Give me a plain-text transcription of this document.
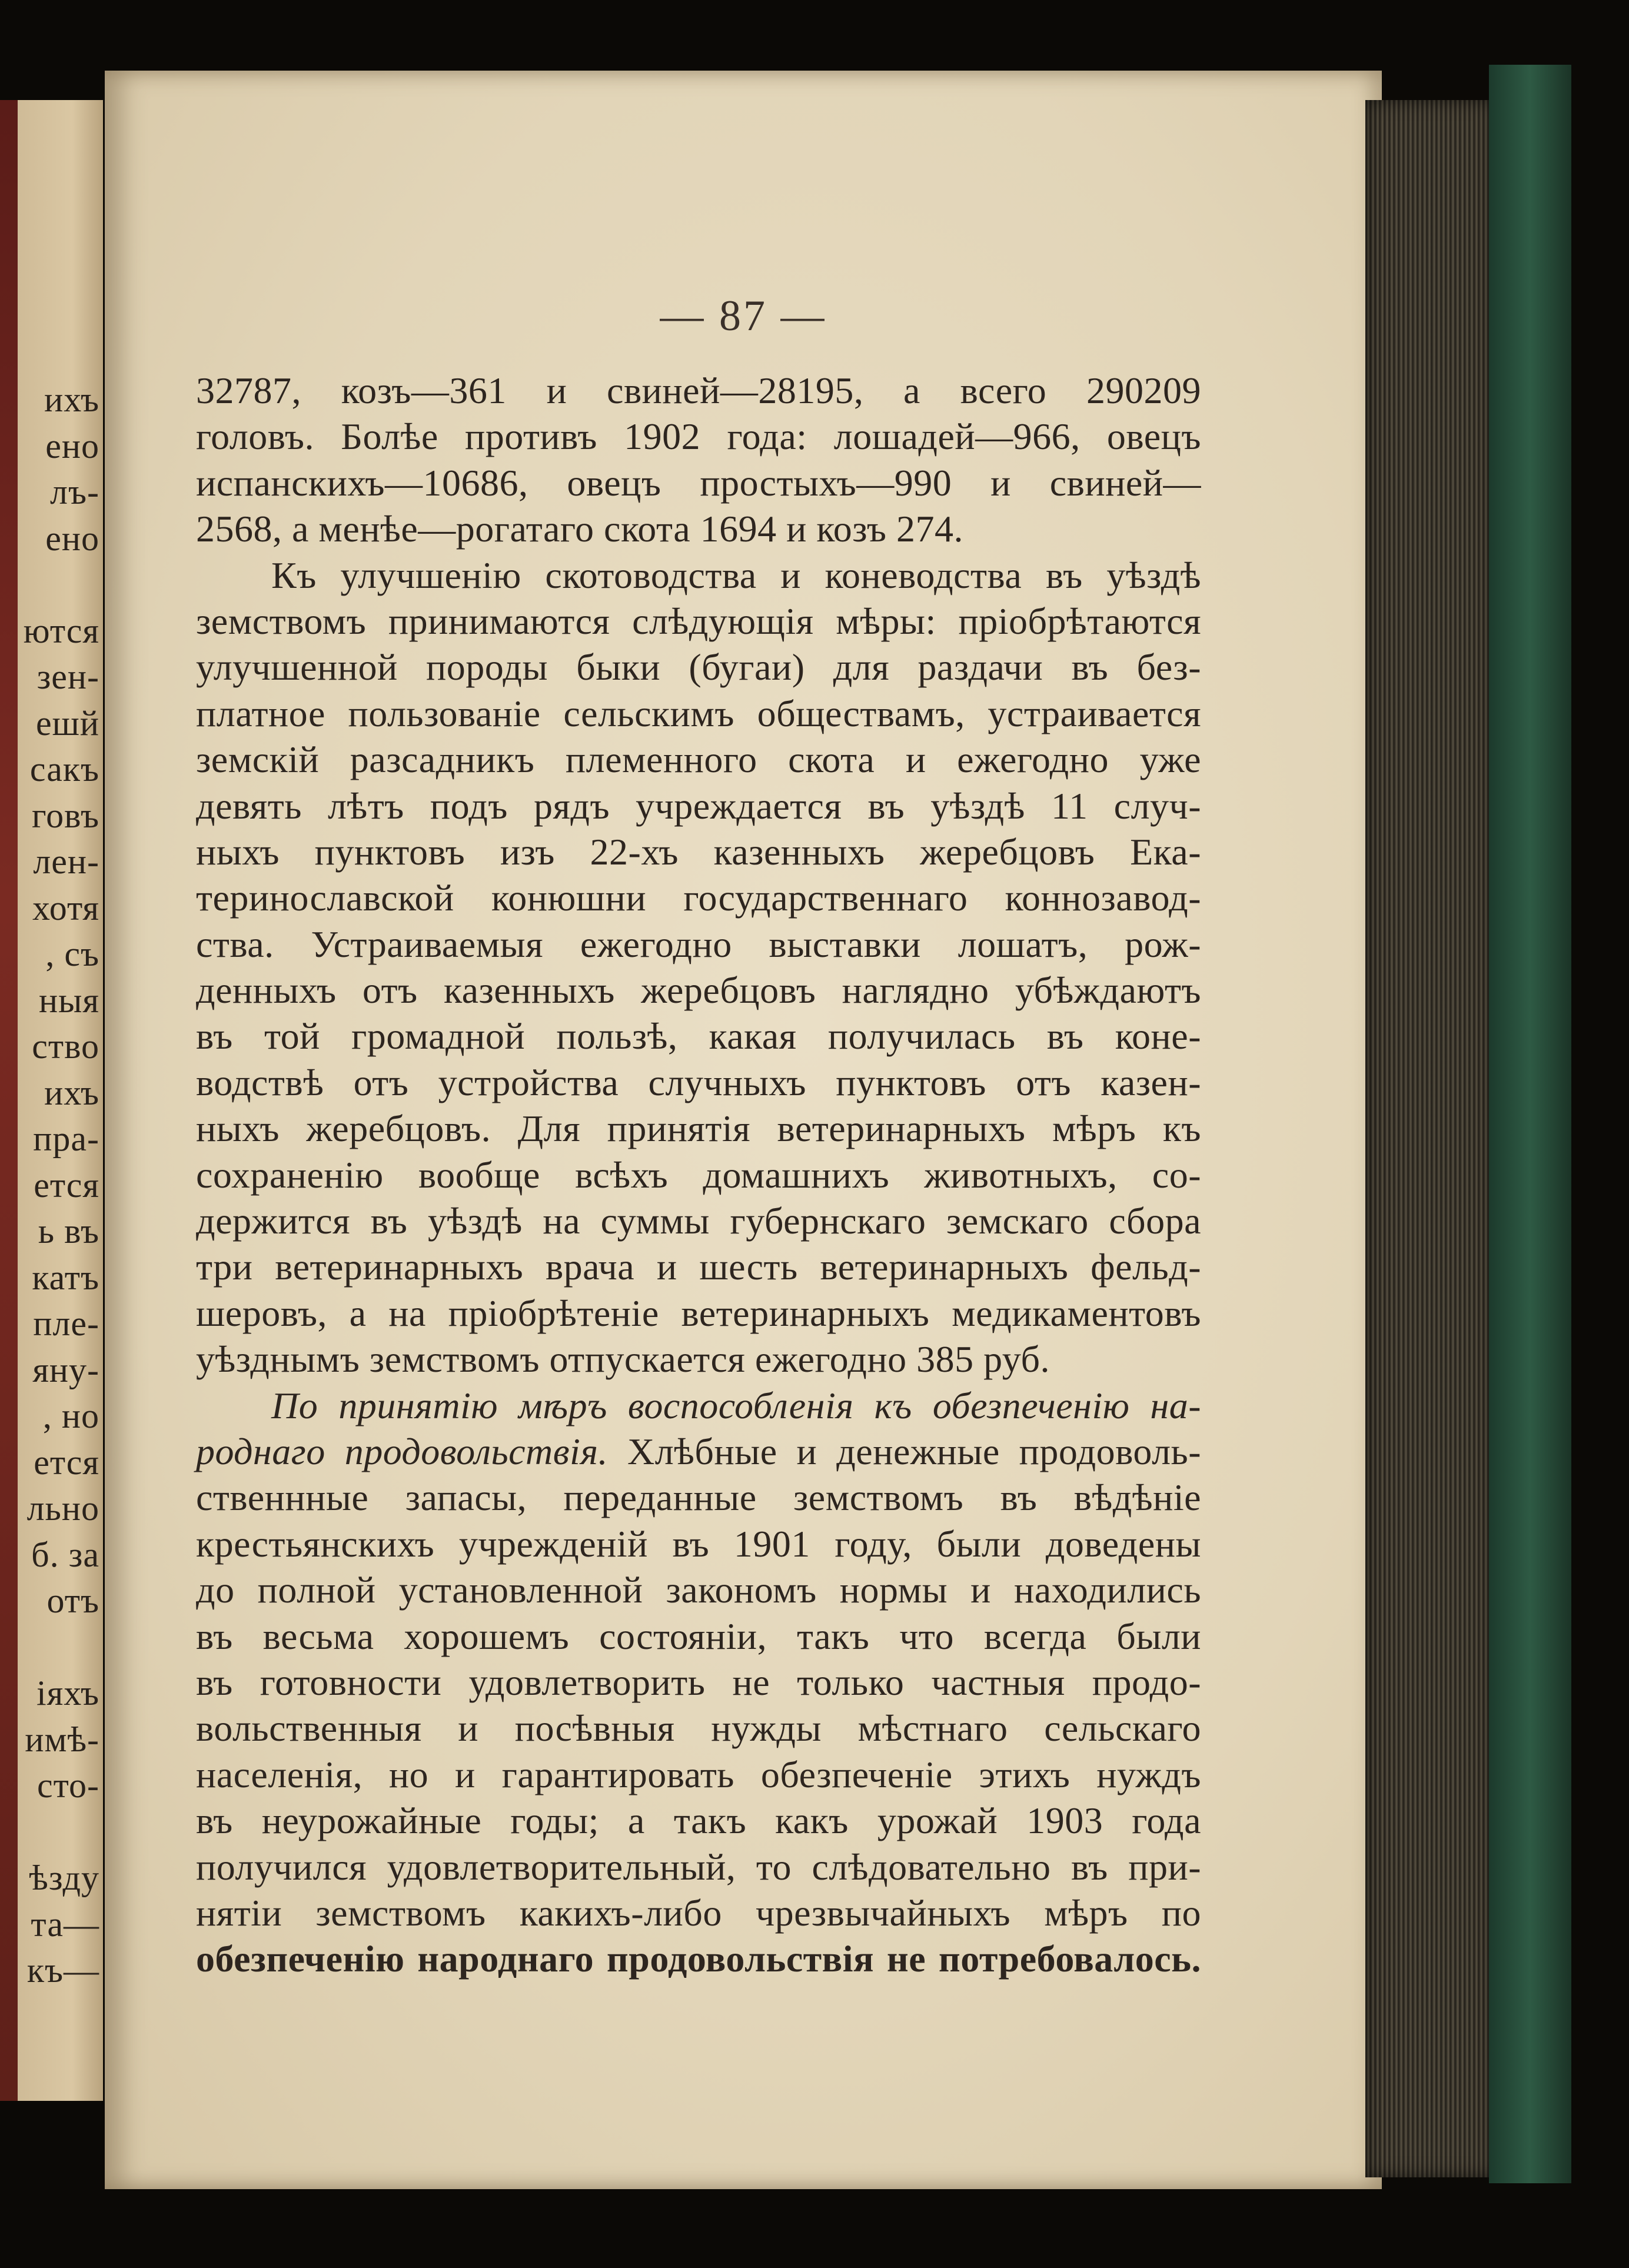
ихъ
ено
лъ-
ено
ются
зен-
ешй
сакъ
говъ
лен-
хотя
, съ
ныя
ство
ихъ
пра-
ется
ь въ
катъ
пле-
яну-
, но
ется
льно
б. за
отъ
іяхъ
имѣ-
сто-
ѣзду
та—
къ—
— 87 —
32787, козъ—361 и свиней—28195, а всего 290209
головъ. Болѣе противъ 1902 года: лошадей—966, овецъ
испанскихъ—10686, овецъ простыхъ—990 и свиней—
2568, а менѣе—рогатаго скота 1694 и козъ 274.
Къ улучшенію скотоводства и коневодства въ уѣздѣ
земствомъ принимаются слѣдующія мѣры: пріобрѣтаются
улучшенной породы быки (бугаи) для раздачи въ без-
платное пользованіе сельскимъ обществамъ, устраивается
земскій разсадникъ племенного скота и ежегодно уже
девять лѣтъ подъ рядъ учреждается въ уѣздѣ 11 случ-
ныхъ пунктовъ изъ 22-хъ казенныхъ жеребцовъ Ека-
теринославской конюшни государственнаго коннозавод-
ства. Устраиваемыя ежегодно выставки лошатъ, рож-
денныхъ отъ казенныхъ жеребцовъ наглядно убѣждаютъ
въ той громадной пользѣ, какая получилась въ коне-
водствѣ отъ устройства случныхъ пунктовъ отъ казен-
ныхъ жеребцовъ. Для принятія ветеринарныхъ мѣръ къ
сохраненію вообще всѣхъ домашнихъ животныхъ, со-
держится въ уѣздѣ на суммы губернскаго земскаго сбора
три ветеринарныхъ врача и шесть ветеринарныхъ фельд-
шеровъ, а на пріобрѣтеніе ветеринарныхъ медикаментовъ
уѣзднымъ земствомъ отпускается ежегодно 385 руб.
По принятію мѣръ воспособленія къ обезпеченію на-
роднаго продовольствія. Хлѣбные и денежные продоволь-
ственнные запасы, переданные земствомъ въ вѣдѣніе
крестьянскихъ учрежденій въ 1901 году, были доведены
до полной установленной закономъ нормы и находились
въ весьма хорошемъ состояніи, такъ что всегда были
въ готовности удовлетворить не только частныя продо-
вольственныя и посѣвныя нужды мѣстнаго сельскаго
населенія, но и гарантировать обезпеченіе этихъ нуждъ
въ неурожайные годы; а такъ какъ урожай 1903 года
получился удовлетворительный, то слѣдовательно въ при-
нятіи земствомъ какихъ-либо чрезвычайныхъ мѣръ по
обезпеченію народнаго продовольствія не потребовалось.
